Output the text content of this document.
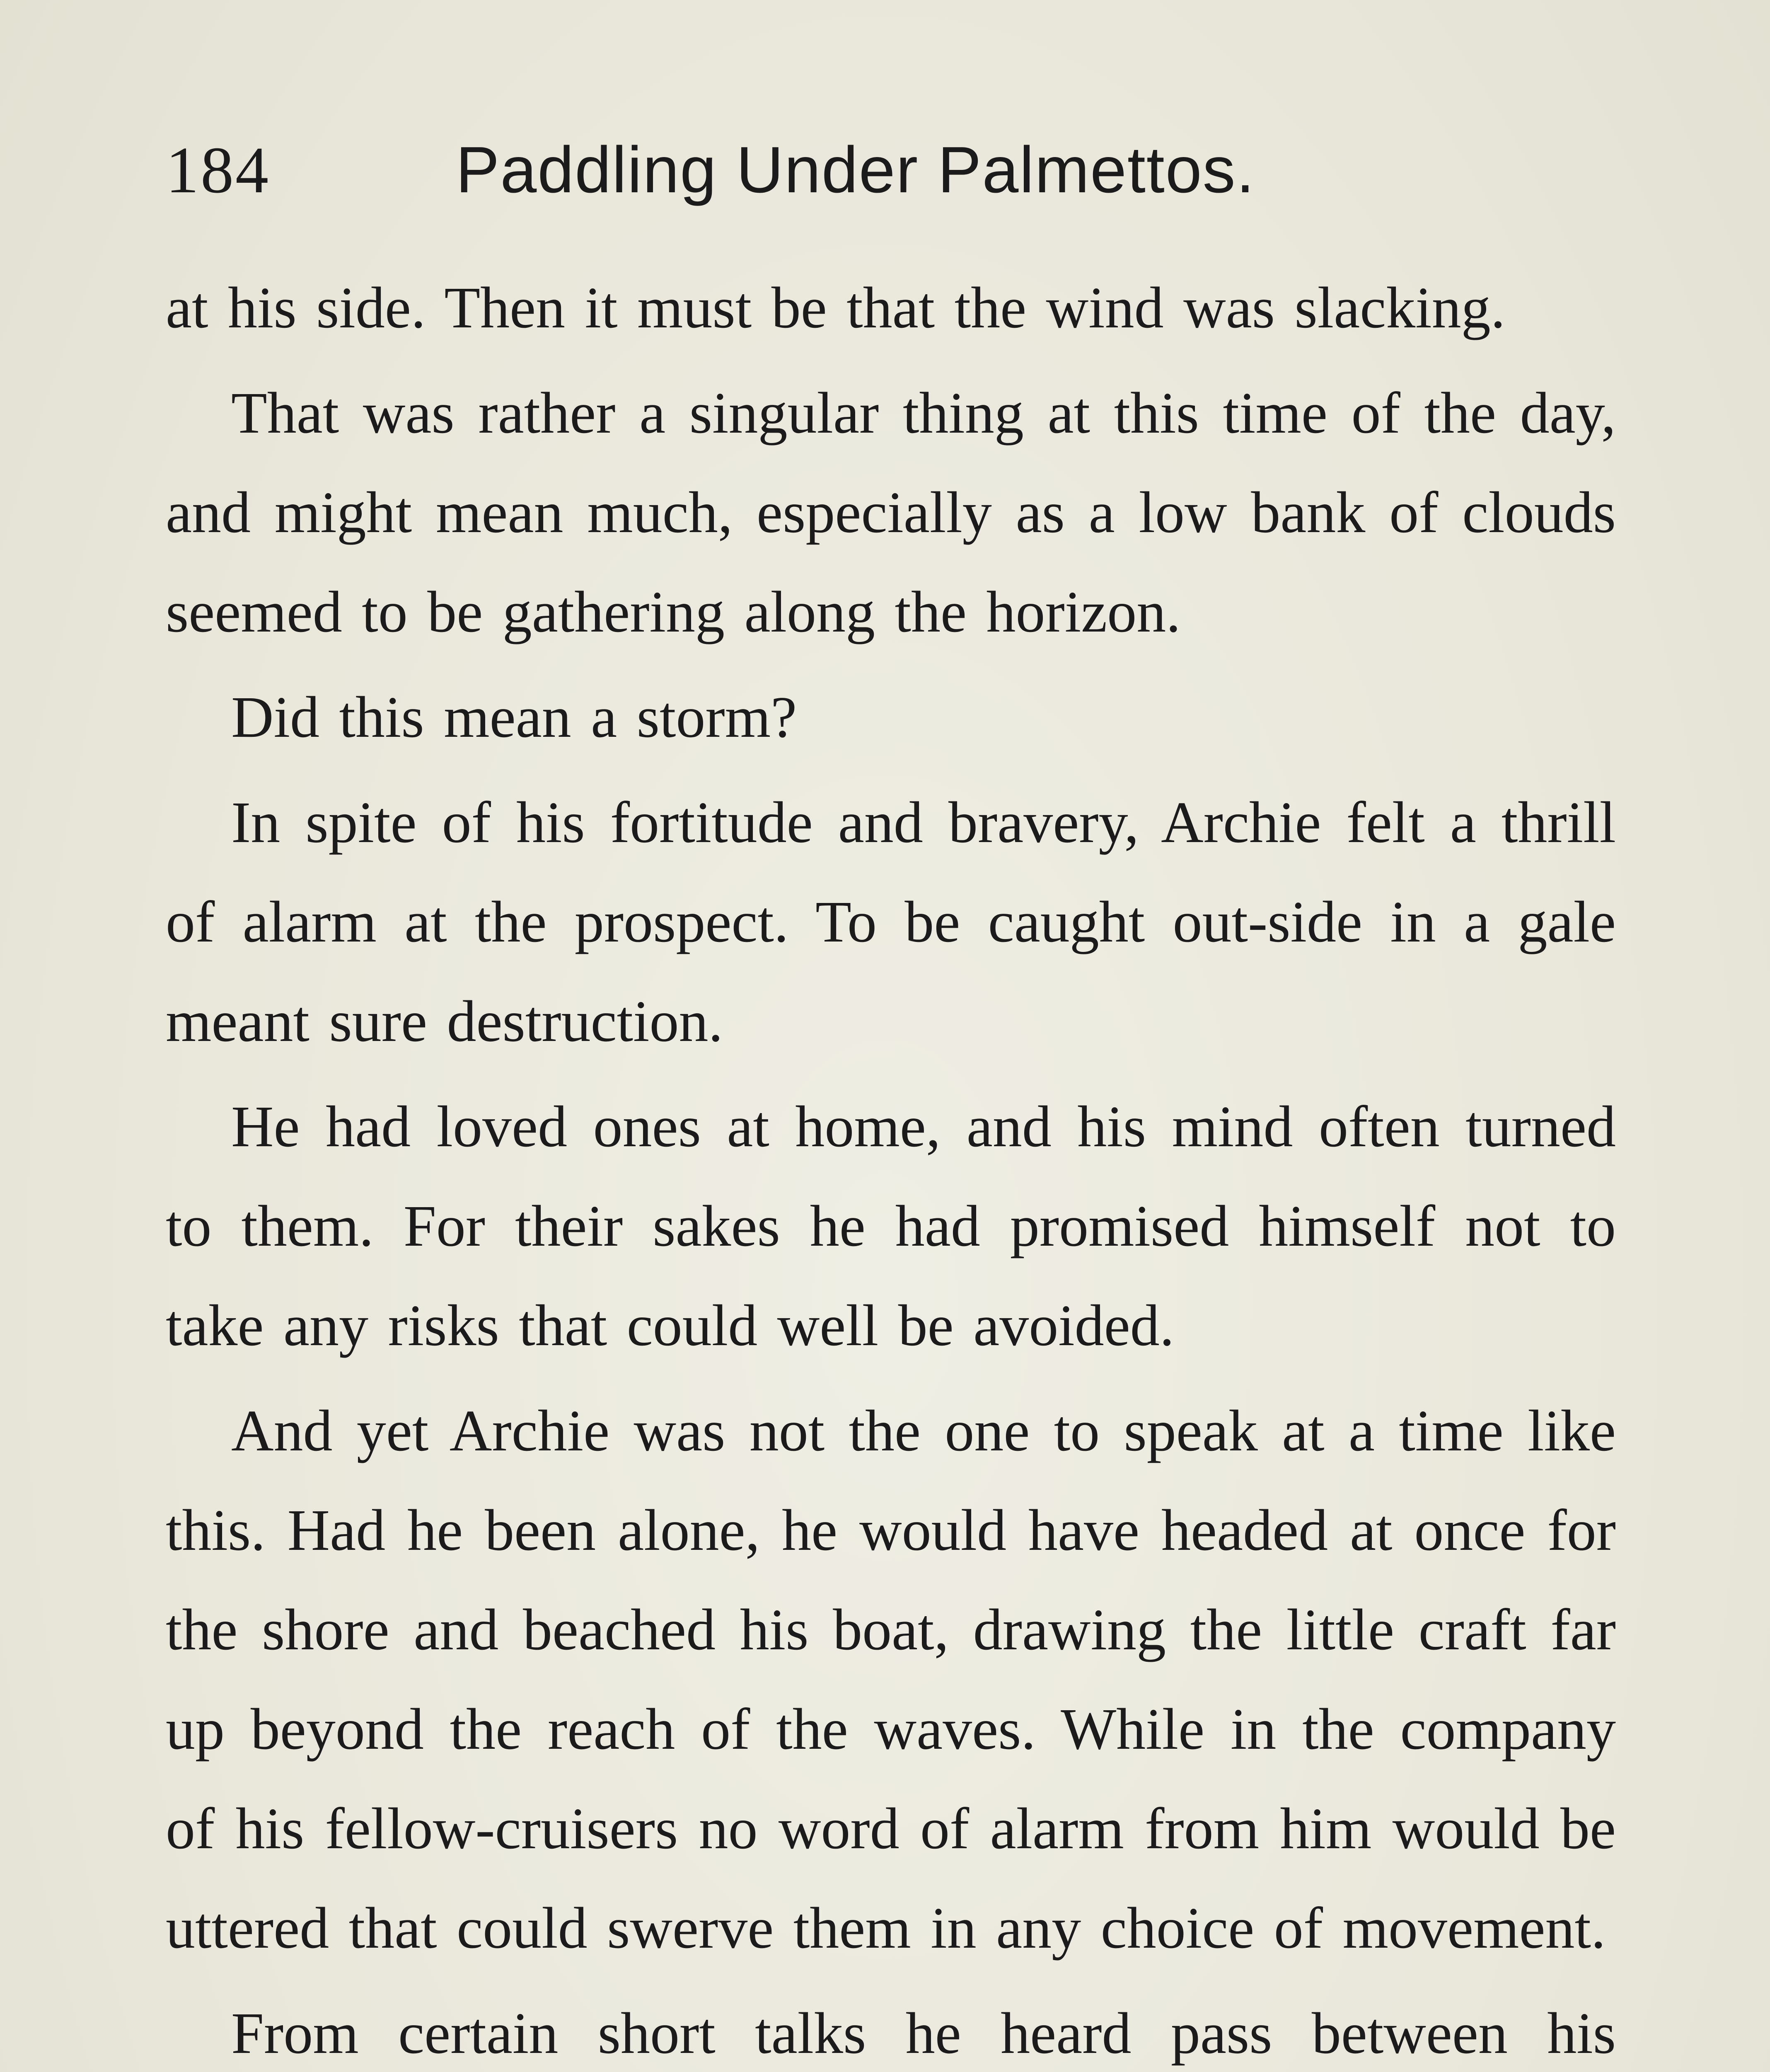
184	Paddling Under Palmettos.

at his side. Then it must be that the wind was slacking.

That was rather a singular thing at this time of the day, and might mean much, especially as a low bank of clouds seemed to be gathering along the horizon.

Did this mean a storm?

In spite of his fortitude and bravery, Archie felt a thrill of alarm at the prospect. To be caught out-side in a gale meant sure destruction.

He had loved ones at home, and his mind often turned to them. For their sakes he had promised himself not to take any risks that could well be avoided.

And yet Archie was not the one to speak at a time like this. Had he been alone, he would have headed at once for the shore and beached his boat, drawing the little craft far up beyond the reach of the waves. While in the company of his fellow-cruisers no word of alarm from him would be uttered that could swerve them in any choice of movement.

From certain short talks he heard pass between his
